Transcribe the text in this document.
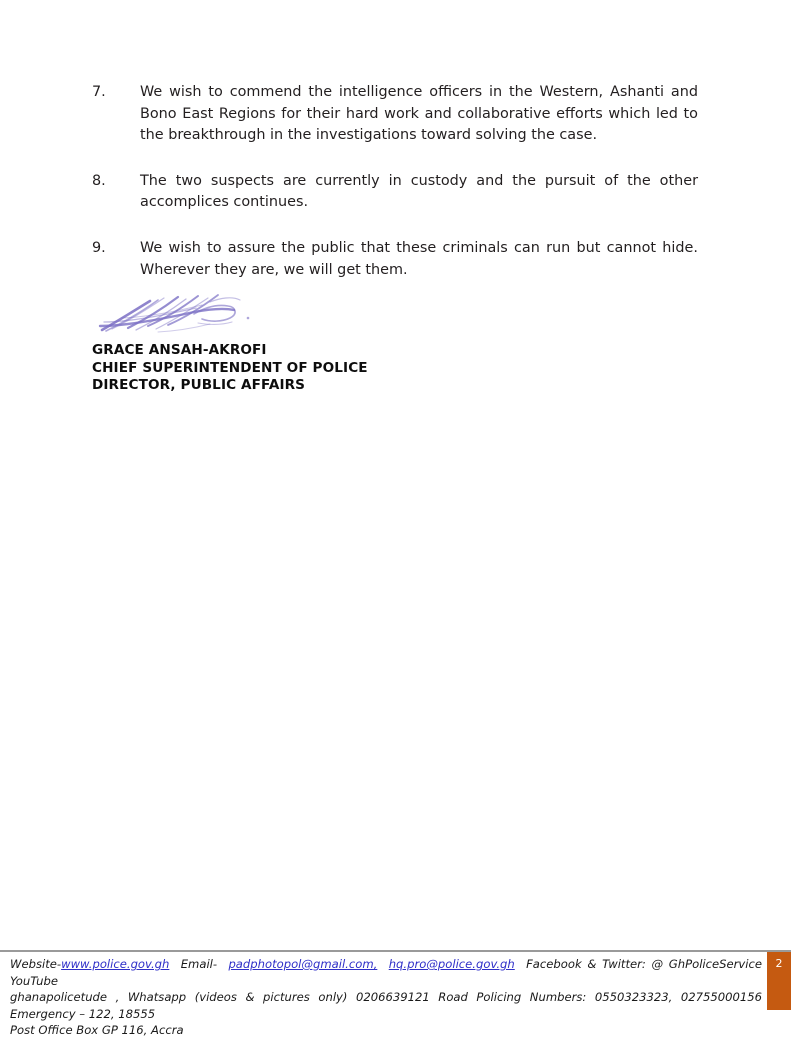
7.	We wish to commend the intelligence officers in the Western, Ashanti and Bono East Regions for their hard work and collaborative efforts which led to the breakthrough in the investigations toward solving the case.
8.	The two suspects are currently in custody and the pursuit of the other accomplices continues.
9.	We wish to assure the public that these criminals can run but cannot hide. Wherever they are, we will get them.
GRACE ANSAH-AKROFI
CHIEF SUPERINTENDENT OF POLICE
DIRECTOR, PUBLIC AFFAIRS
Website-www.police.gov.gh Email- padphotopol@gmail.com, hq.pro@police.gov.gh Facebook & Twitter: @ GhPoliceService YouTube
ghanapolicetude , Whatsapp (videos & pictures only) 0206639121 Road Policing Numbers: 0550323323, 02755000156 Emergency – 122, 18555
Post Office Box GP 116, Accra
2
